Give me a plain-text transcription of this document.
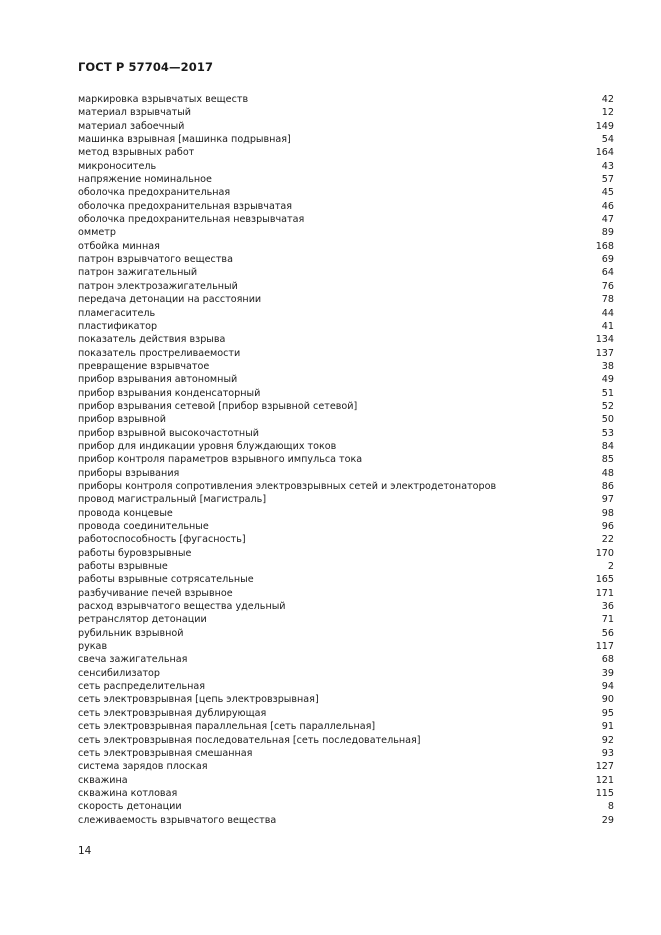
ГОСТ Р 57704—2017
маркировка взрывчатых веществ	42
материал взрывчатый	12
материал забоечный	149
машинка взрывная [машинка подрывная]	54
метод взрывных работ	164
микроноситель	43
напряжение номинальное	57
оболочка предохранительная	45
оболочка предохранительная взрывчатая	46
оболочка предохранительная невзрывчатая	47
омметр	89
отбойка минная	168
патрон взрывчатого вещества	69
патрон зажигательный	64
патрон электрозажигательный	76
передача детонации на расстоянии	78
пламегаситель	44
пластификатор	41
показатель действия взрыва	134
показатель простреливаемости	137
превращение взрывчатое	38
прибор взрывания автономный	49
прибор взрывания конденсаторный	51
прибор взрывания сетевой [прибор взрывной сетевой]	52
прибор взрывной	50
прибор взрывной высокочастотный	53
прибор для индикации уровня блуждающих токов	84
прибор контроля параметров взрывного импульса тока	85
приборы взрывания	48
приборы контроля сопротивления электровзрывных сетей и электродетонаторов	86
провод магистральный [магистраль]	97
провода концевые	98
провода соединительные	96
работоспособность [фугасность]	22
работы буровзрывные	170
работы взрывные	2
работы взрывные сотрясательные	165
разбучивание печей взрывное	171
расход взрывчатого вещества удельный	36
ретранслятор детонации	71
рубильник взрывной	56
рукав	117
свеча зажигательная	68
сенсибилизатор	39
сеть распределительная	94
сеть электровзрывная [цепь электровзрывная]	90
сеть электровзрывная дублирующая	95
сеть электровзрывная параллельная [сеть параллельная]	91
сеть электровзрывная последовательная [сеть последовательная]	92
сеть электровзрывная смешанная	93
система зарядов плоская	127
скважина	121
скважина котловая	115
скорость детонации	8
слеживаемость взрывчатого вещества	29
14
